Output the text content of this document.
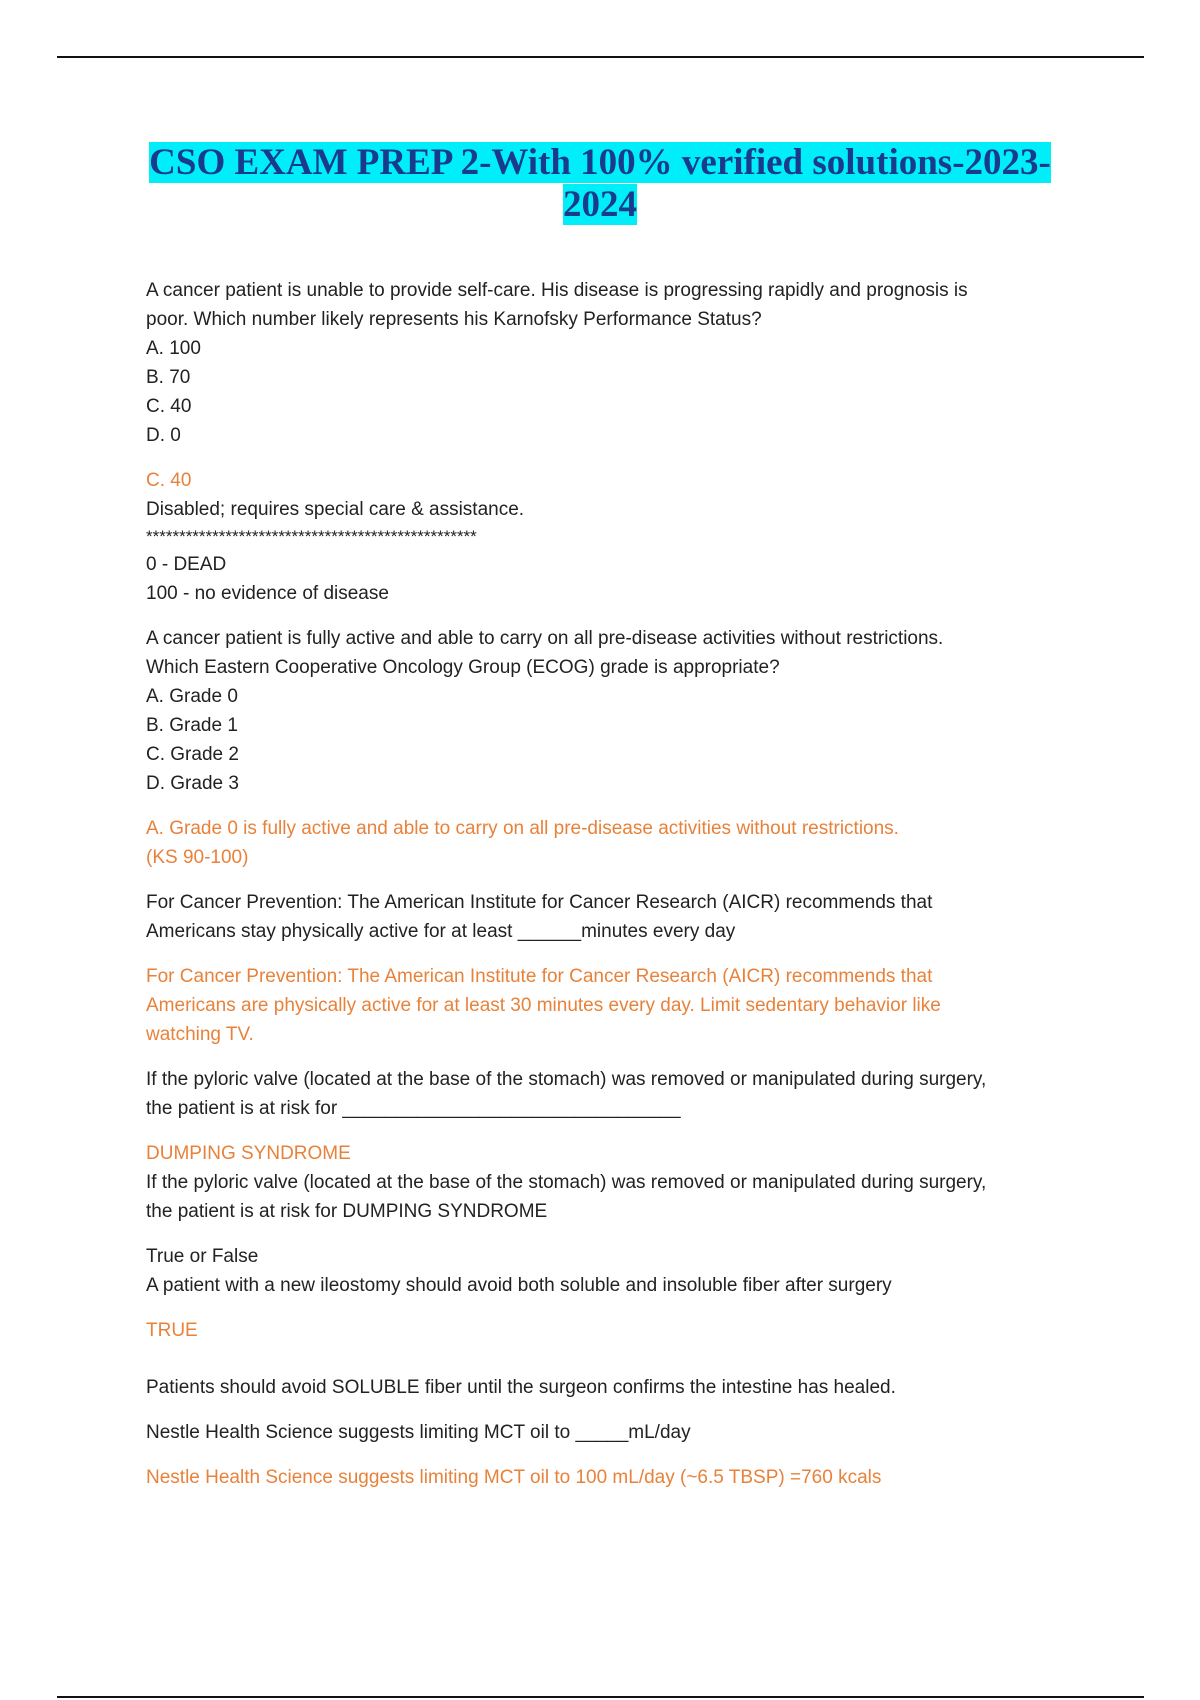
CSO EXAM PREP 2-With 100% verified solutions-2023-
2024

A cancer patient is unable to provide self-care. His disease is progressing rapidly and prognosis is

poor. Which number likely represents his Karnofsky Performance Status?

A. 100

B. 70

C. 40

D. 0

C. 40

Disabled; requires special care & assistance.

**************************************************

0 - DEAD

100 - no evidence of disease

A cancer patient is fully active and able to carry on all pre-disease activities without restrictions.

Which Eastern Cooperative Oncology Group (ECOG) grade is appropriate?

A. Grade 0

B. Grade 1

C. Grade 2

D. Grade 3

A. Grade 0 is fully active and able to carry on all pre-disease activities without restrictions.

(KS 90-100)

For Cancer Prevention: The American Institute for Cancer Research (AICR) recommends that

Americans stay physically active for at least ______minutes every day

For Cancer Prevention: The American Institute for Cancer Research (AICR) recommends that

Americans are physically active for at least 30 minutes every day. Limit sedentary behavior like

watching TV.

If the pyloric valve (located at the base of the stomach) was removed or manipulated during surgery,

the patient is at risk for ________________________________

DUMPING SYNDROME

If the pyloric valve (located at the base of the stomach) was removed or manipulated during surgery,

the patient is at risk for DUMPING SYNDROME

True or False

A patient with a new ileostomy should avoid both soluble and insoluble fiber after surgery

TRUE

Patients should avoid SOLUBLE fiber until the surgeon confirms the intestine has healed.

Nestle Health Science suggests limiting MCT oil to _____mL/day

Nestle Health Science suggests limiting MCT oil to 100 mL/day (~6.5 TBSP) =760 kcals
